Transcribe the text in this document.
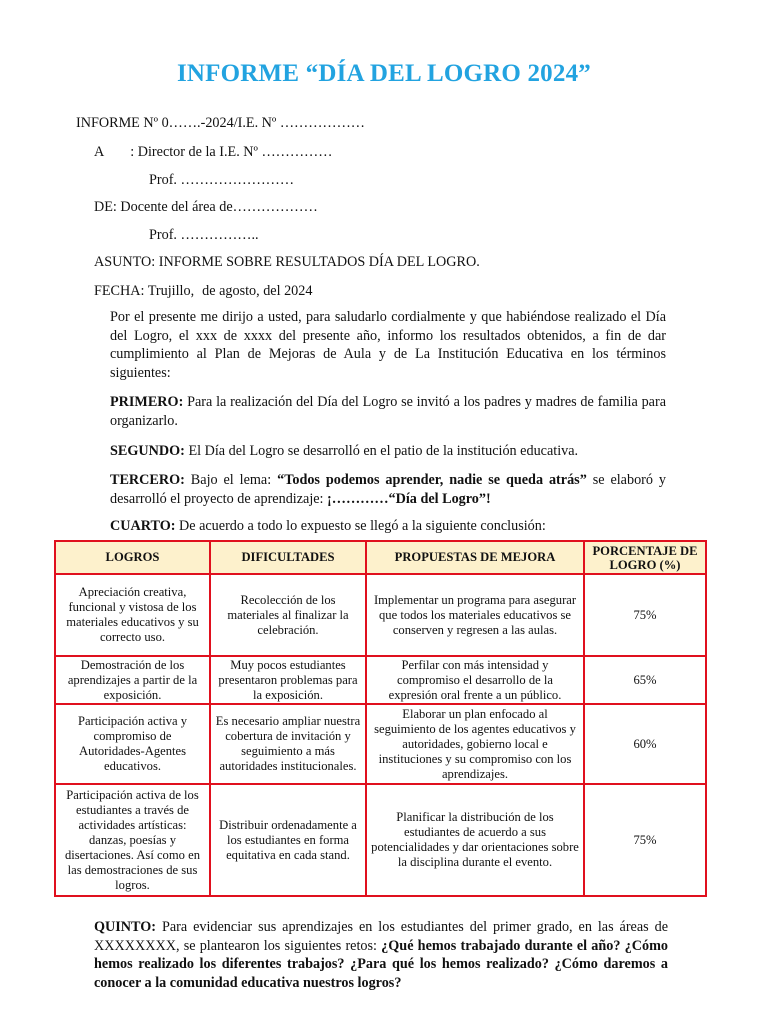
INFORME “DÍA DEL LOGRO 2024”
INFORME Nº 0…….-2024/I.E. Nº ………………
A : Director de la I.E. Nº ……………
Prof. ……………………
DE: Docente del área de………………
Prof. ……………..
ASUNTO: INFORME SOBRE RESULTADOS DÍA DEL LOGRO.
FECHA: Trujillo, de agosto, del 2024
Por el presente me dirijo a usted, para saludarlo cordialmente y que habiéndose realizado el Día del Logro, el xxx de xxxx del presente año, informo los resultados obtenidos, a fin de dar cumplimiento al Plan de Mejoras de Aula y de La Institución Educativa en los términos siguientes:
PRIMERO: Para la realización del Día del Logro se invitó a los padres y madres de familia para organizarlo.
SEGUNDO: El Día del Logro se desarrolló en el patio de la institución educativa.
TERCERO: Bajo el lema: “Todos podemos aprender, nadie se queda atrás” se elaboró y desarrolló el proyecto de aprendizaje: ¡…………“Día del Logro”!
CUARTO: De acuerdo a todo lo expuesto se llegó a la siguiente conclusión:
LOGROS	DIFICULTADES	PROPUESTAS DE MEJORA	PORCENTAJE DE LOGRO (%)
Apreciación creativa, funcional y vistosa de los materiales educativos y su correcto uso.	Recolección de los materiales al finalizar la celebración.	Implementar un programa para asegurar que todos los materiales educativos se conserven y regresen a las aulas.	75%
Demostración de los aprendizajes a partir de la exposición.	Muy pocos estudiantes presentaron problemas para la exposición.	Perfilar con más intensidad y compromiso el desarrollo de la expresión oral frente a un público.	65%
Participación activa y compromiso de Autoridades-Agentes educativos.	Es necesario ampliar nuestra cobertura de invitación y seguimiento a más autoridades institucionales.	Elaborar un plan enfocado al seguimiento de los agentes educativos y autoridades, gobierno local e instituciones y su compromiso con los aprendizajes.	60%
Participación activa de los estudiantes a través de actividades artísticas: danzas, poesías y disertaciones. Así como en las demostraciones de sus logros.	Distribuir ordenadamente a los estudiantes en forma equitativa en cada stand.	Planificar la distribución de los estudiantes de acuerdo a sus potencialidades y dar orientaciones sobre la disciplina durante el evento.	75%
QUINTO: Para evidenciar sus aprendizajes en los estudiantes del primer grado, en las áreas de XXXXXXXX, se plantearon los siguientes retos: ¿Qué hemos trabajado durante el año? ¿Cómo hemos realizado los diferentes trabajos? ¿Para qué los hemos realizado? ¿Cómo daremos a conocer a la comunidad educativa nuestros logros?
